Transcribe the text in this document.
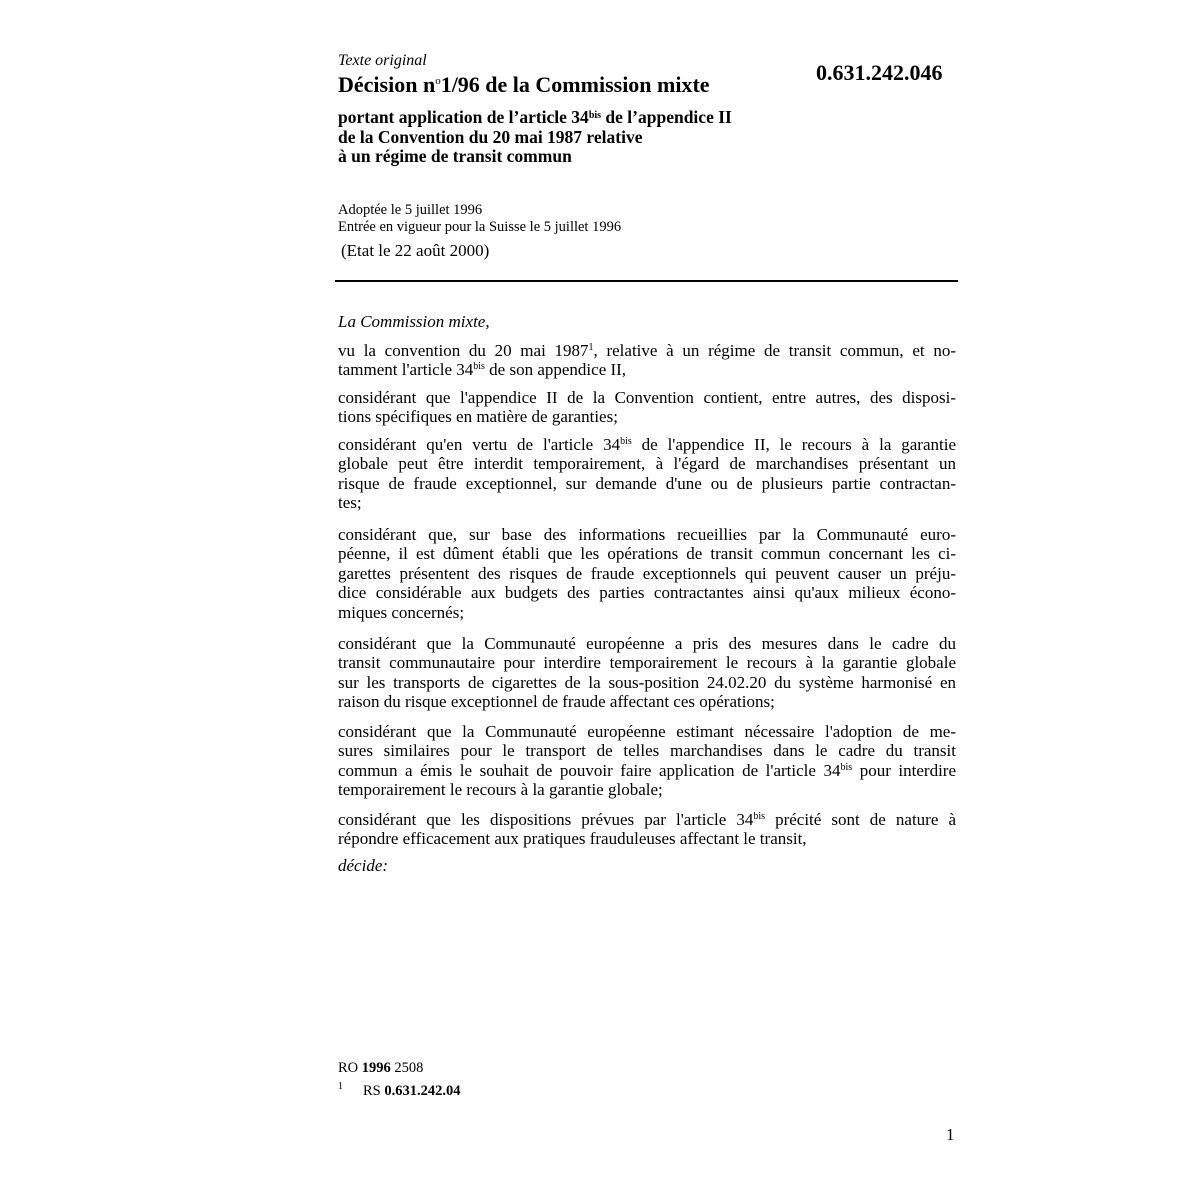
Texte original
Décision $n^o1/96$ de la Commission mixte	0.631.242.046
portant application de l’article $34^{bis}$ de l’appendice II
de la Convention du 20 mai 1987 relative
à un régime de transit commun
Adoptée le 5 juillet 1996
Entrée en vigueur pour la Suisse le 5 juillet 1996
(Etat le 22 août 2000)
La Commission mixte,
vu la convention du 20 mai 1987$^1$, relative à un régime de transit commun, et no-
tamment l'article $34^{bis}$ de son appendice II,
considérant que l'appendice II de la Convention contient, entre autres, des disposi-
tions spécifiques en matière de garanties;
considérant qu'en vertu de l'article $34^{bis}$ de l'appendice II, le recours à la garantie
globale peut être interdit temporairement, à l'égard de marchandises présentant un
risque de fraude exceptionnel, sur demande d'une ou de plusieurs partie contractan-
tes;
considérant que, sur base des informations recueillies par la Communauté euro-
péenne, il est dûment établi que les opérations de transit commun concernant les ci-
garettes présentent des risques de fraude exceptionnels qui peuvent causer un préju-
dice considérable aux budgets des parties contractantes ainsi qu'aux milieux écono-
miques concernés;
considérant que la Communauté européenne a pris des mesures dans le cadre du
transit communautaire pour interdire temporairement le recours à la garantie globale
sur les transports de cigarettes de la sous-position 24.02.20 du système harmonisé en
raison du risque exceptionnel de fraude affectant ces opérations;
considérant que la Communauté européenne estimant nécessaire l'adoption de me-
sures similaires pour le transport de telles marchandises dans le cadre du transit
commun a émis le souhait de pouvoir faire application de l'article $34^{bis}$ pour interdire
temporairement le recours à la garantie globale;
considérant que les dispositions prévues par l'article $34^{bis}$ précité sont de nature à
répondre efficacement aux pratiques frauduleuses affectant le transit,
décide:
RO 1996 2508
$^1$ RS 0.631.242.04
1
